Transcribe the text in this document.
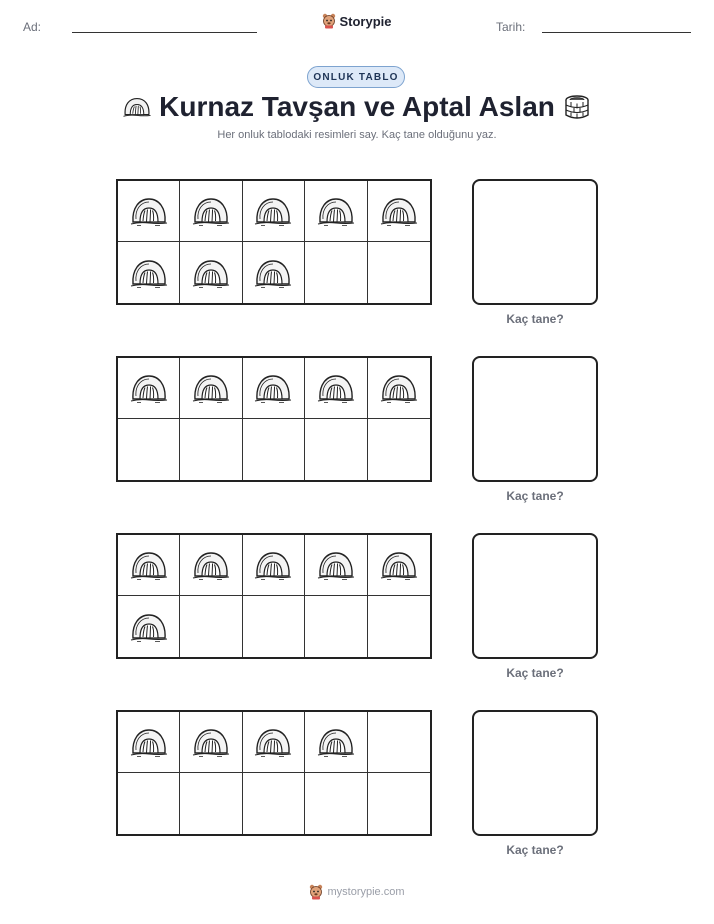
Ad:	Storypie	Tarih:
ONLUK TABLO
Kurnaz Tavşan ve Aptal Aslan
Her onluk tablodaki resimleri say. Kaç tane olduğunu yaz.
Kaç tane?
Kaç tane?
Kaç tane?
Kaç tane?
mystorypie.com
